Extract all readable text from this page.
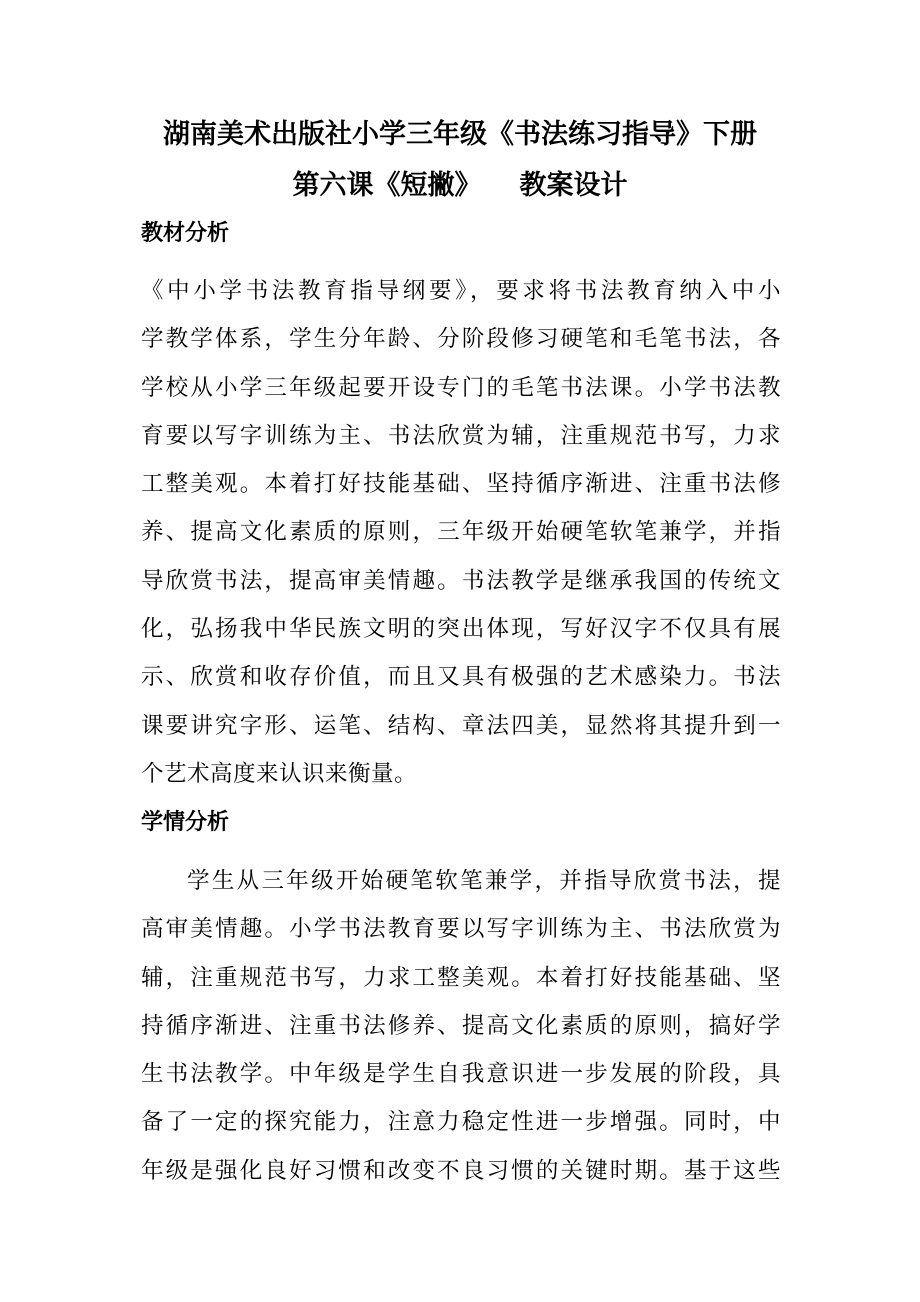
湖南美术出版社小学三年级《书法练习指导》下册
第六课《短撇》 教案设计
教材分析
《中小学书法教育指导纲要》，要求将书法教育纳入中小
学教学体系，学生分年龄、分阶段修习硬笔和毛笔书法，各
学校从小学三年级起要开设专门的毛笔书法课。小学书法教
育要以写字训练为主、书法欣赏为辅，注重规范书写，力求
工整美观。本着打好技能基础、坚持循序渐进、注重书法修
养、提高文化素质的原则，三年级开始硬笔软笔兼学，并指
导欣赏书法，提高审美情趣。书法教学是继承我国的传统文
化，弘扬我中华民族文明的突出体现，写好汉字不仅具有展
示、欣赏和收存价值，而且又具有极强的艺术感染力。书法
课要讲究字形、运笔、结构、章法四美，显然将其提升到一
个艺术高度来认识来衡量。
学情分析
学生从三年级开始硬笔软笔兼学，并指导欣赏书法，提
高审美情趣。小学书法教育要以写字训练为主、书法欣赏为
辅，注重规范书写，力求工整美观。本着打好技能基础、坚
持循序渐进、注重书法修养、提高文化素质的原则，搞好学
生书法教学。中年级是学生自我意识进一步发展的阶段，具
备了一定的探究能力，注意力稳定性进一步增强。同时，中
年级是强化良好习惯和改变不良习惯的关键时期。基于这些
